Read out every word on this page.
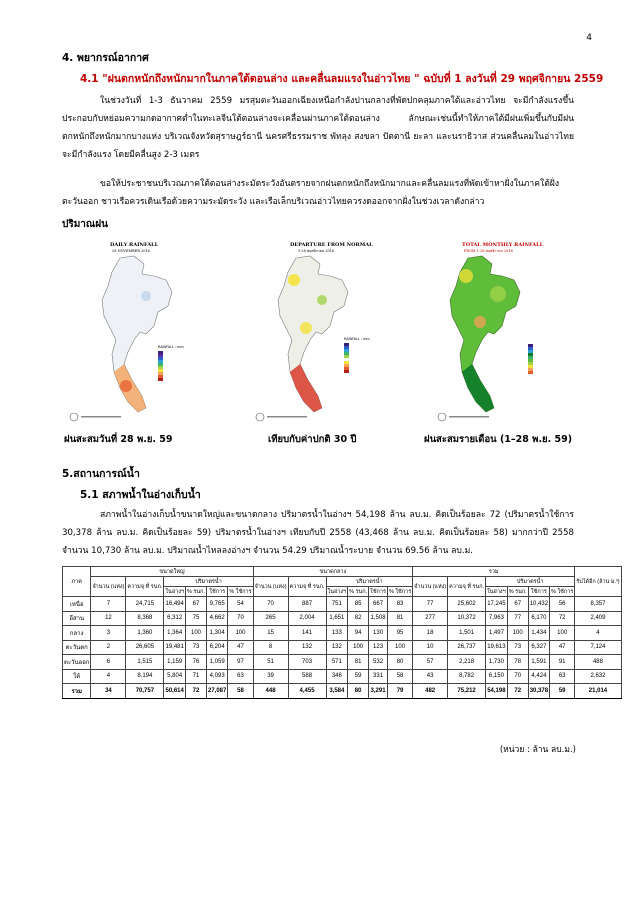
4
4. พยากรณ์อากาศ
4.1 "ฝนตกหนักถึงหนักมากในภาคใต้ตอนล่าง และคลื่นลมแรงในอ่าวไทย " ฉบับที่ 1 ลงวันที่ 29 พฤศจิกายน 2559

ในช่วงวันที่ 1-3 ธันวาคม 2559 มรสุมตะวันออกเฉียงเหนือกำลังปานกลางที่พัดปกคลุมภาคใต้และอ่าวไทย จะมีกำลังแรงขึ้นประกอบกับหย่อมความกดอากาศต่ำในทะเลจีนใต้ตอนล่างจะเคลื่อนผ่านภาคใต้ตอนล่าง ลักษณะเช่นนี้ทำให้ภาคใต้มีฝนเพิ่มขึ้นกับมีฝนตกหนักถึงหนักมากบางแห่ง บริเวณจังหวัดสุราษฎร์ธานี นครศรีธรรมราช พัทลุง สงขลา ปัตตานี ยะลา และนราธิวาส ส่วนคลื่นลมในอ่าวไทยจะมีกำลังแรง โดยมีคลื่นสูง 2-3 เมตร

ขอให้ประชาชนบริเวณภาคใต้ตอนล่างระมัดระวังอันตรายจากฝนตกหนักถึงหนักมากและคลื่นลมแรงที่พัดเข้าหาฝั่งในภาคใต้ฝั่งตะวันออก ชาวเรือควรเดินเรือด้วยความระมัดระวัง และเรือเล็กบริเวณอ่าวไทยควรงดออกจากฝั่งในช่วงเวลาดังกล่าว

ปริมาณฝน
DAILY RAINFALL
28 NOVEMBER 2016
RAINFALL : mm
DEPARTURE FROM NORMAL
1-28 พฤศจิกายน 2016
RAINFALL : mm
TOTAL MONTHLY RAINFALL
FROM 1-28 พฤศจิกายน 2016
ฝนสะสมวันที่ 28 พ.ย. 59	เทียบกับค่าปกติ 30 ปี	ฝนสะสมรายเดือน (1–28 พ.ย. 59)
5.สถานการณ์น้ำ
5.1 สภาพน้ำในอ่างเก็บน้ำ

สภาพน้ำในอ่างเก็บน้ำขนาดใหญ่และขนาดกลาง ปริมาตรน้ำในอ่างฯ 54,198 ล้าน ลบ.ม. คิดเป็นร้อยละ 72 (ปริมาตรน้ำใช้การ 30,378 ล้าน ลบ.ม. คิดเป็นร้อยละ 59) ปริมาตรน้ำในอ่างฯ เทียบกับปี 2558 (43,468 ล้าน ลบ.ม. คิดเป็นร้อยละ 58) มากกว่าปี 2558 จำนวน 10,730 ล้าน ลบ.ม. ปริมาณน้ำไหลลงอ่างฯ จำนวน 54.29 ปริมาณน้ำระบาย จำนวน 69.56 ล้าน ลบ.ม.

ภาค	ขนาดใหญ่						ขนาดกลาง						รวม						รับได้อีก (ล้าน ม.³)
	จำนวน (แห่ง)	ความจุ ที่ รนก.	ปริมาตรน้ำ				จำนวน (แห่ง)	ความจุ ที่ รนก.	ปริมาตรน้ำ				จำนวน (แห่ง)	ความจุ ที่ รนก.	ปริมาตรน้ำ				
			ในอ่างฯ	% รนก.	ใช้การ	% ใช้การ			ในอ่างฯ	% รนก.	ใช้การ	% ใช้การ			ในอ่างฯ	% รนก.	ใช้การ	% ใช้การ	
เหนือ	7	24,715	16,494	67	9,765	54	70	887	751	85	667	83	77	25,602	17,245	67	10,432	56	8,357
อีสาน	12	8,368	6,312	75	4,662	70	265	2,004	1,651	82	1,508	81	277	10,372	7,963	77	6,170	72	2,409
กลาง	3	1,360	1,364	100	1,304	100	15	141	133	94	130	95	18	1,501	1,497	100	1,434	100	4
ตะวันตก	2	26,605	19,481	73	6,204	47	8	132	132	100	123	100	10	26,737	19,613	73	6,327	47	7,124
ตะวันออก	6	1,515	1,159	76	1,059	97	51	703	571	81	532	80	57	2,218	1,730	78	1,591	91	488
ใต้	4	8,194	5,804	71	4,093	63	39	588	346	59	331	58	43	8,782	6,150	70	4,424	63	2,632
รวม	34	70,757	50,614	72	27,087	58	448	4,455	3,584	80	3,291	79	482	75,212	54,198	72	30,378	59	21,014
(หน่วย : ล้าน ลบ.ม.)
